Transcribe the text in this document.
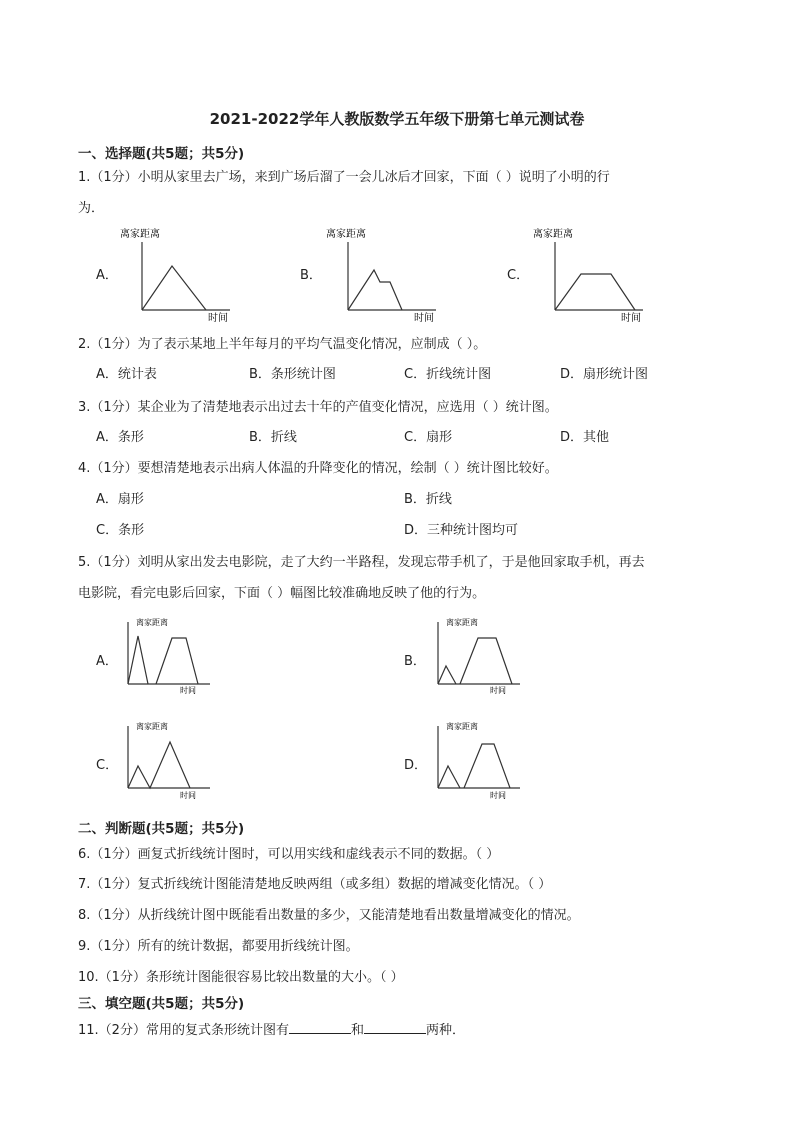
2021-2022学年人教版数学五年级下册第七单元测试卷
一、选择题(共5题；共5分)
1.（1分）小明从家里去广场，来到广场后溜了一会儿冰后才回家，下面（ ）说明了小明的行
为．
A．
离家距离
时间
B．
离家距离
时间
C．
离家距离
时间
2.（1分）为了表示某地上半年每月的平均气温变化情况，应制成（ ）。
A．统计表	B．条形统计图	C．折线统计图	D．扇形统计图
3.（1分）某企业为了清楚地表示出过去十年的产值变化情况，应选用（ ）统计图。
A．条形	B．折线	C．扇形	D．其他
4.（1分）要想清楚地表示出病人体温的升降变化的情况，绘制（ ）统计图比较好。
A．扇形	B．折线
C．条形	D．三种统计图均可
5.（1分）刘明从家出发去电影院，走了大约一半路程，发现忘带手机了，于是他回家取手机，再去
电影院，看完电影后回家，下面（ ）幅图比较准确地反映了他的行为。
A．
离家距离
时间
B．
离家距离
时间
C．
离家距离
时间
D．
离家距离
时间
二、判断题(共5题；共5分)
6.（1分）画复式折线统计图时，可以用实线和虚线表示不同的数据。（ ）
7.（1分）复式折线统计图能清楚地反映两组（或多组）数据的增减变化情况。（ ）
8.（1分）从折线统计图中既能看出数量的多少，又能清楚地看出数量增减变化的情况。
9.（1分）所有的统计数据，都要用折线统计图。
10.（1分）条形统计图能很容易比较出数量的大小。（ ）
三、填空题(共5题；共5分)
11.（2分）常用的复式条形统计图有	和	两种．
